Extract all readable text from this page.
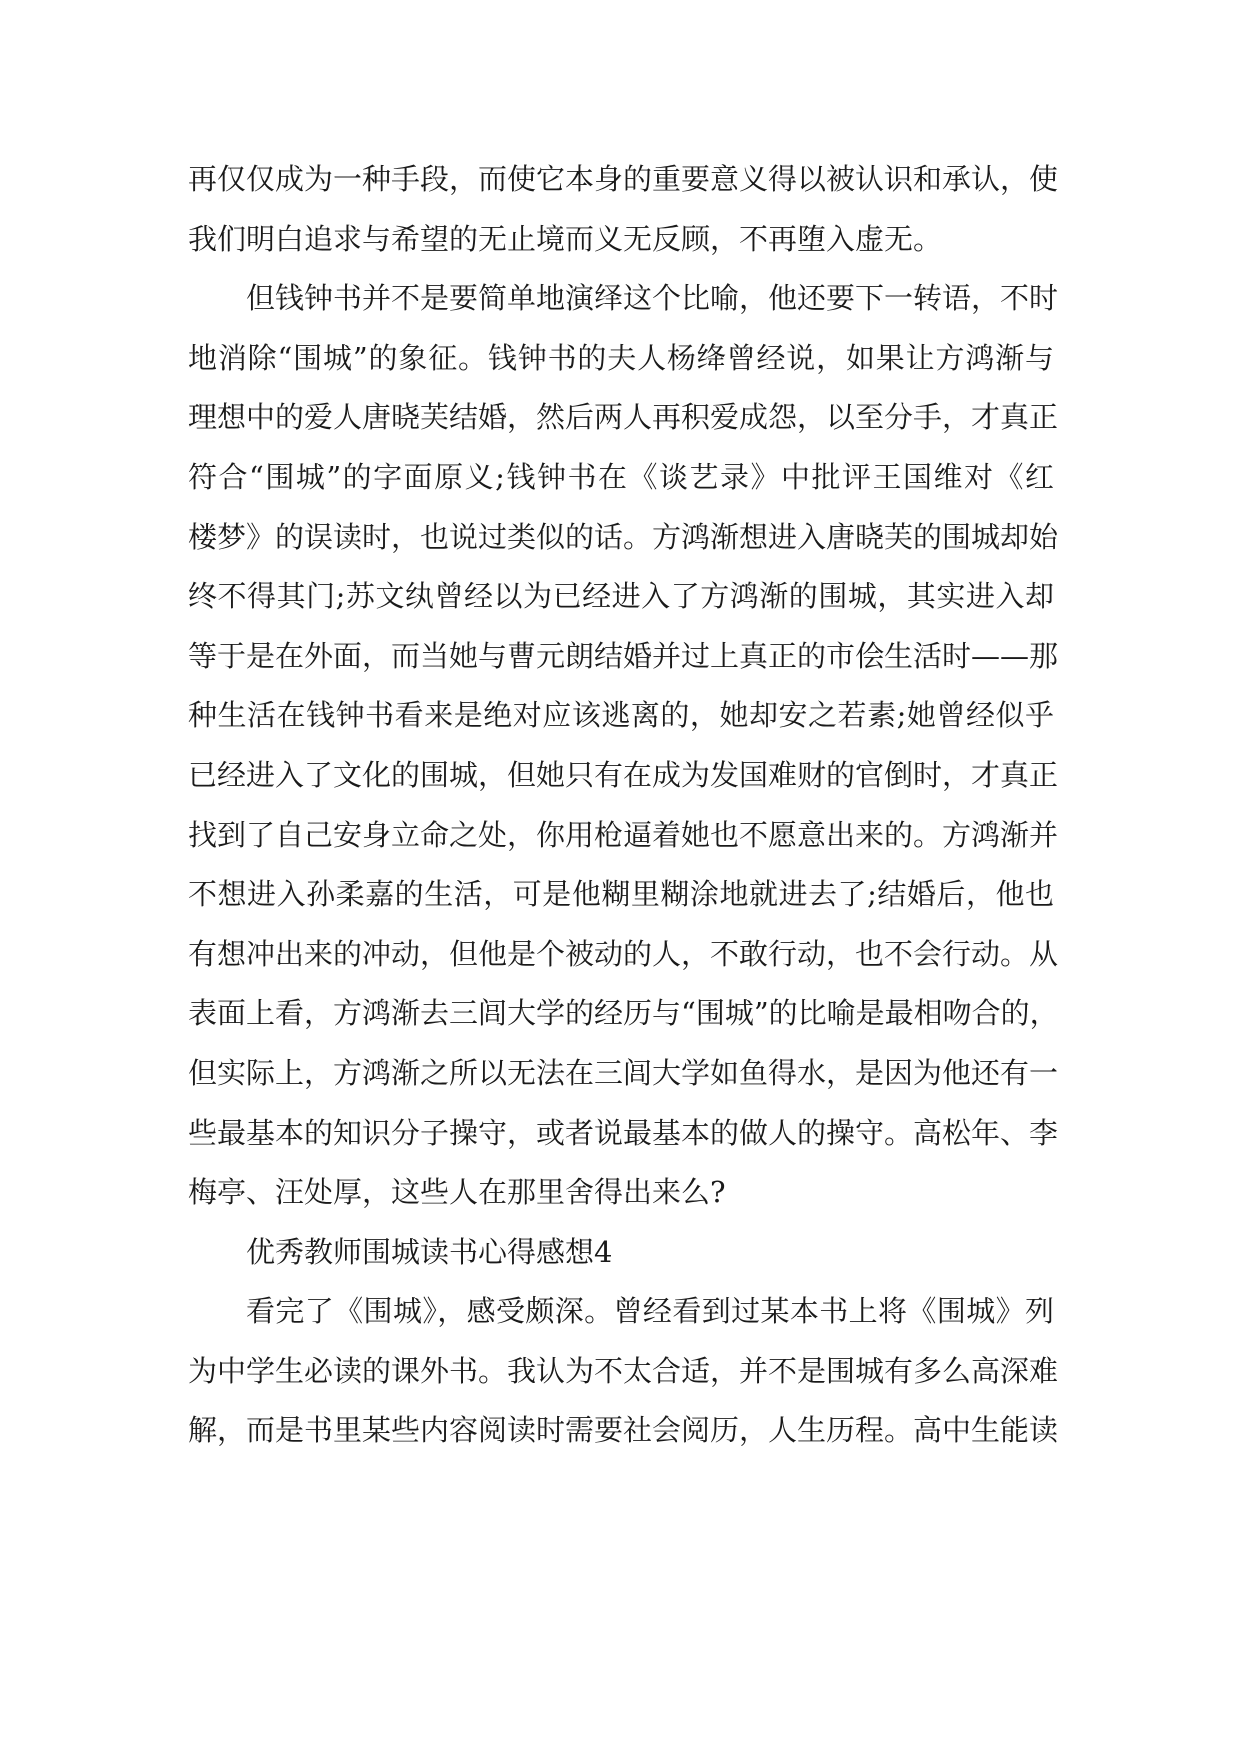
再仅仅成为一种手段，而使它本身的重要意义得以被认识和承认，使
我们明白追求与希望的无止境而义无反顾，不再堕入虚无。
但钱钟书并不是要简单地演绎这个比喻，他还要下一转语，不时
地消除“围城”的象征。钱钟书的夫人杨绛曾经说，如果让方鸿渐与
理想中的爱人唐晓芙结婚，然后两人再积爱成怨，以至分手，才真正
符合“围城”的字面原义;钱钟书在《谈艺录》中批评王国维对《红
楼梦》的误读时，也说过类似的话。方鸿渐想进入唐晓芙的围城却始
终不得其门;苏文纨曾经以为已经进入了方鸿渐的围城，其实进入却
等于是在外面，而当她与曹元朗结婚并过上真正的市侩生活时——那
种生活在钱钟书看来是绝对应该逃离的，她却安之若素;她曾经似乎
已经进入了文化的围城，但她只有在成为发国难财的官倒时，才真正
找到了自己安身立命之处，你用枪逼着她也不愿意出来的。方鸿渐并
不想进入孙柔嘉的生活，可是他糊里糊涂地就进去了;结婚后，他也
有想冲出来的冲动，但他是个被动的人，不敢行动，也不会行动。从
表面上看，方鸿渐去三闾大学的经历与“围城”的比喻是最相吻合的，
但实际上，方鸿渐之所以无法在三闾大学如鱼得水，是因为他还有一
些最基本的知识分子操守，或者说最基本的做人的操守。高松年、李
梅亭、汪处厚，这些人在那里舍得出来么?
优秀教师围城读书心得感想4
看完了《围城》，感受颇深。曾经看到过某本书上将《围城》列
为中学生必读的课外书。我认为不太合适，并不是围城有多么高深难
解，而是书里某些内容阅读时需要社会阅历，人生历程。高中生能读
